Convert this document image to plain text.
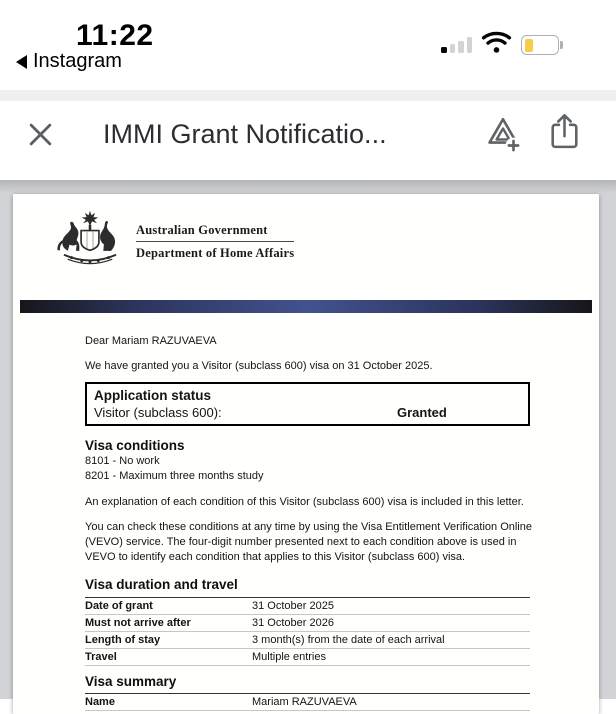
11:22
Instagram
IMMI Grant Notificatio...
Australian Government
Department of Home Affairs
Dear Mariam RAZUVAEVA
We have granted you a Visitor (subclass 600) visa on 31 October 2025.
Application status
Visitor (subclass 600):	Granted
Visa conditions
8101 - No work
8201 - Maximum three months study
An explanation of each condition of this Visitor (subclass 600) visa is included in this letter.
You can check these conditions at any time by using the Visa Entitlement Verification Online
(VEVO) service. The four-digit number presented next to each condition above is used in
VEVO to identify each condition that applies to this Visitor (subclass 600) visa.
Visa duration and travel
Date of grant	31 October 2025
Must not arrive after	31 October 2026
Length of stay	3 month(s) from the date of each arrival
Travel	Multiple entries
Visa summary
Name	Mariam RAZUVAEVA
